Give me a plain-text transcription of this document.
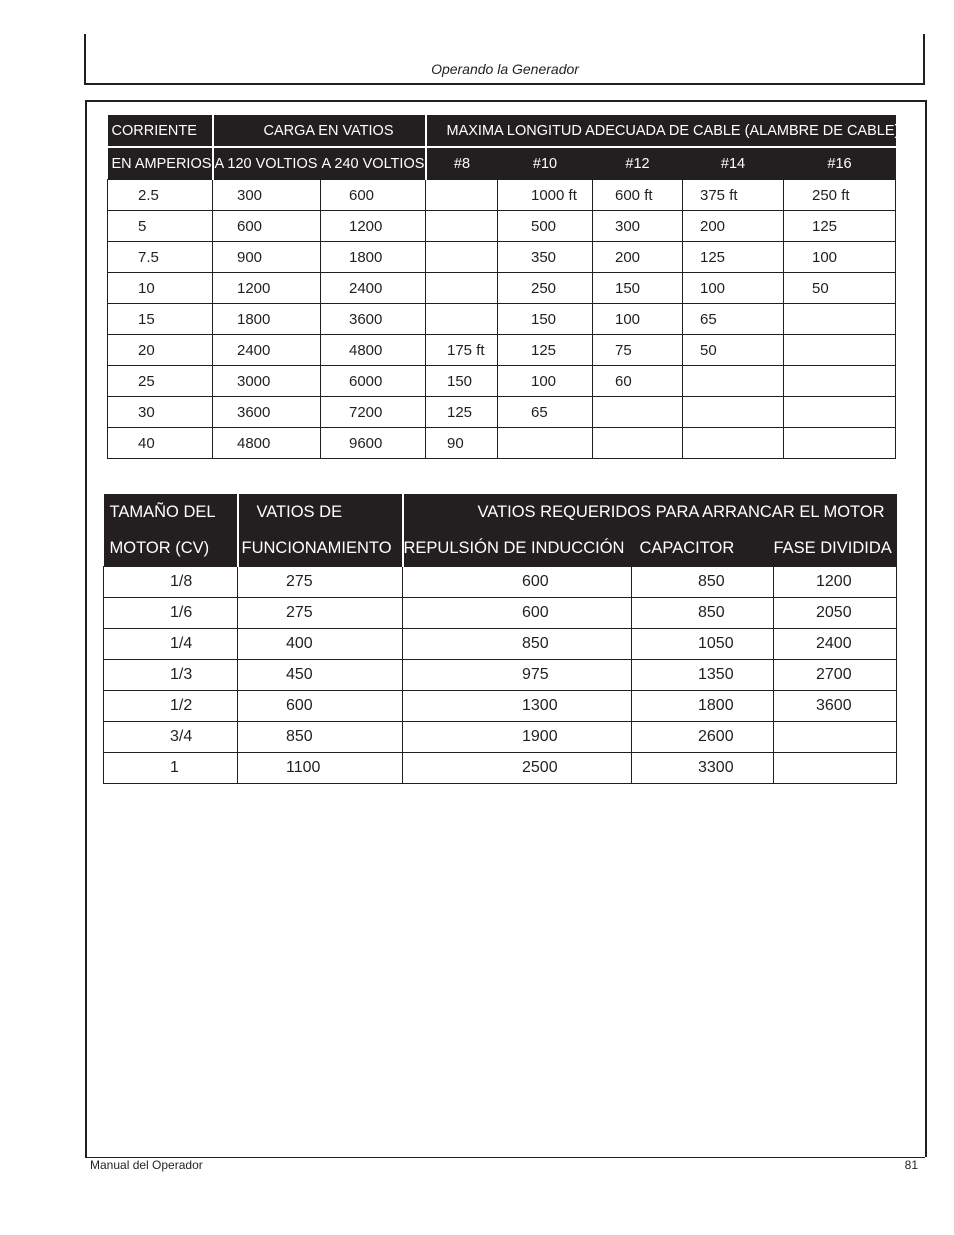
Operando la Generador
CORRIENTE	CARGA EN VATIOS		MAXIMA LONGITUD ADECUADA DE CABLE (ALAMBRE DE CABLE)				
EN AMPERIOS	A 120 VOLTIOS	A 240 VOLTIOS	#8	#10	#12	#14	#16
2.5	300	600		1000 ft	600 ft	375 ft	250 ft
5	600	1200		500	300	200	125
7.5	900	1800		350	200	125	100
10	1200	2400		250	150	100	50
15	1800	3600		150	100	65	
20	2400	4800	175 ft	125	75	50	
25	3000	6000	150	100	60		
30	3600	7200	125	65			
40	4800	9600	90				
TAMAÑO DEL	VATIOS DE	VATIOS REQUERIDOS PARA ARRANCAR EL MOTOR		
MOTOR (CV)	FUNCIONAMIENTO	REPULSIÓN DE INDUCCIÓN	CAPACITOR	FASE DIVIDIDA
1/8	275	600	850	1200
1/6	275	600	850	2050
1/4	400	850	1050	2400
1/3	450	975	1350	2700
1/2	600	1300	1800	3600
3/4	850	1900	2600	
1	1100	2500	3300	
Manual del Operador	81
